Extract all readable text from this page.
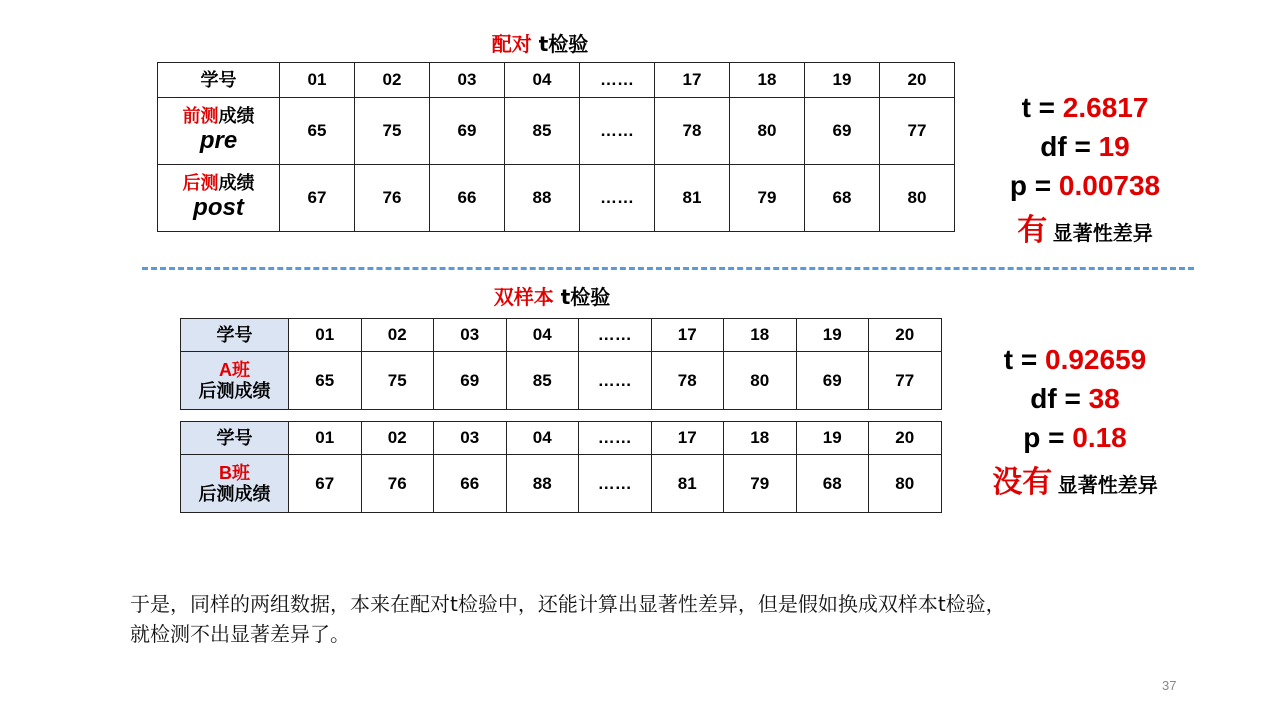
配对 t检验
学号	01	02	03	04	……	17	18	19	20

前测成绩
pre	65	75	69	85	……	78	80	69	77

后测成绩
post	67	76	66	88	……	81	79	68	80
t = 2.6817
df = 19
p = 0.00738
有 显著性差异
双样本 t检验
学号	01	02	03	04	……	17	18	19	20

A班
后测成绩	65	75	69	85	……	78	80	69	77
学号	01	02	03	04	……	17	18	19	20

B班
后测成绩	67	76	66	88	……	81	79	68	80
t = 0.92659
df = 38
p = 0.18
没有 显著性差异
于是，同样的两组数据，本来在配对t检验中，还能计算出显著性差异，但是假如换成双样本t检验，
就检测不出显著差异了。
37
